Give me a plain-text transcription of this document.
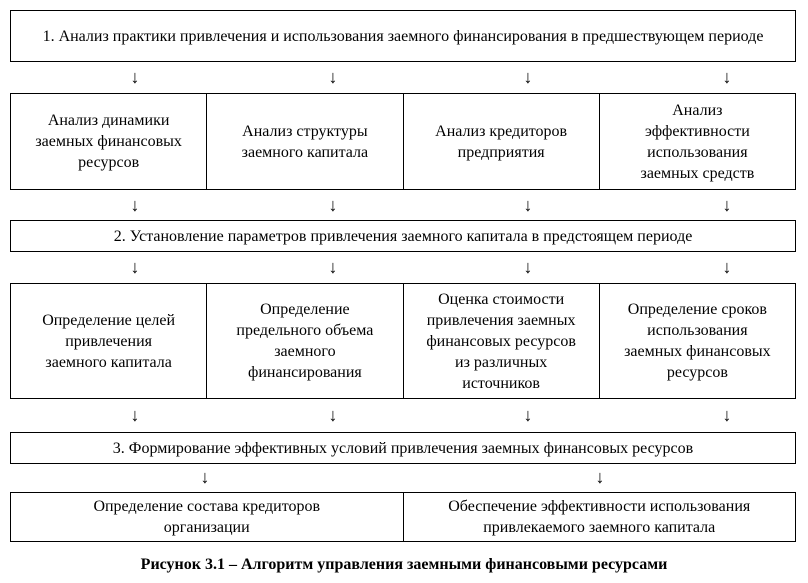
1. Анализ практики привлечения и использования заемного финансирования в предшествующем периоде
↓	↓	↓	↓
Анализ динамики
заемных финансовых
ресурсов
Анализ структуры
заемного капитала
Анализ кредиторов
предприятия
Анализ
эффективности
использования
заемных средств
↓	↓	↓	↓
2. Установление параметров привлечения заемного капитала в предстоящем периоде
↓	↓	↓	↓
Определение целей
привлечения
заемного капитала
Определение
предельного объема
заемного
финансирования
Оценка стоимости
привлечения заемных
финансовых ресурсов
из различных
источников
Определение сроков
использования
заемных финансовых
ресурсов
↓	↓	↓	↓
3. Формирование эффективных условий привлечения заемных финансовых ресурсов
↓	↓
Определение состава кредиторов
организации
Обеспечение эффективности использования
привлекаемого заемного капитала
Рисунок 3.1 – Алгоритм управления заемными финансовыми ресурсами
